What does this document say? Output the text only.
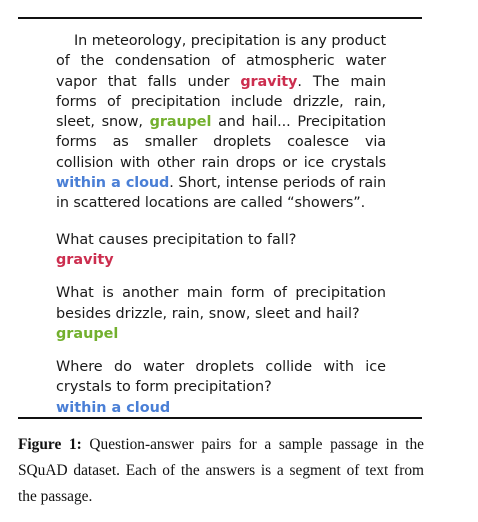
In meteorology, precipitation is any product of the condensation of atmospheric water vapor that falls under gravity. The main forms of precipitation include drizzle, rain, sleet, snow, graupel and hail... Precipitation forms as smaller droplets coalesce via collision with other rain drops or ice crystals within a cloud. Short, intense periods of rain in scattered locations are called “showers”.

What causes precipitation to fall?
gravity
What is another main form of precipitation besides drizzle, rain, snow, sleet and hail?
graupel
Where do water droplets collide with ice crystals to form precipitation?
within a cloud
Figure 1: Question-answer pairs for a sample passage in the SQuAD dataset. Each of the answers is a segment of text from the passage.
